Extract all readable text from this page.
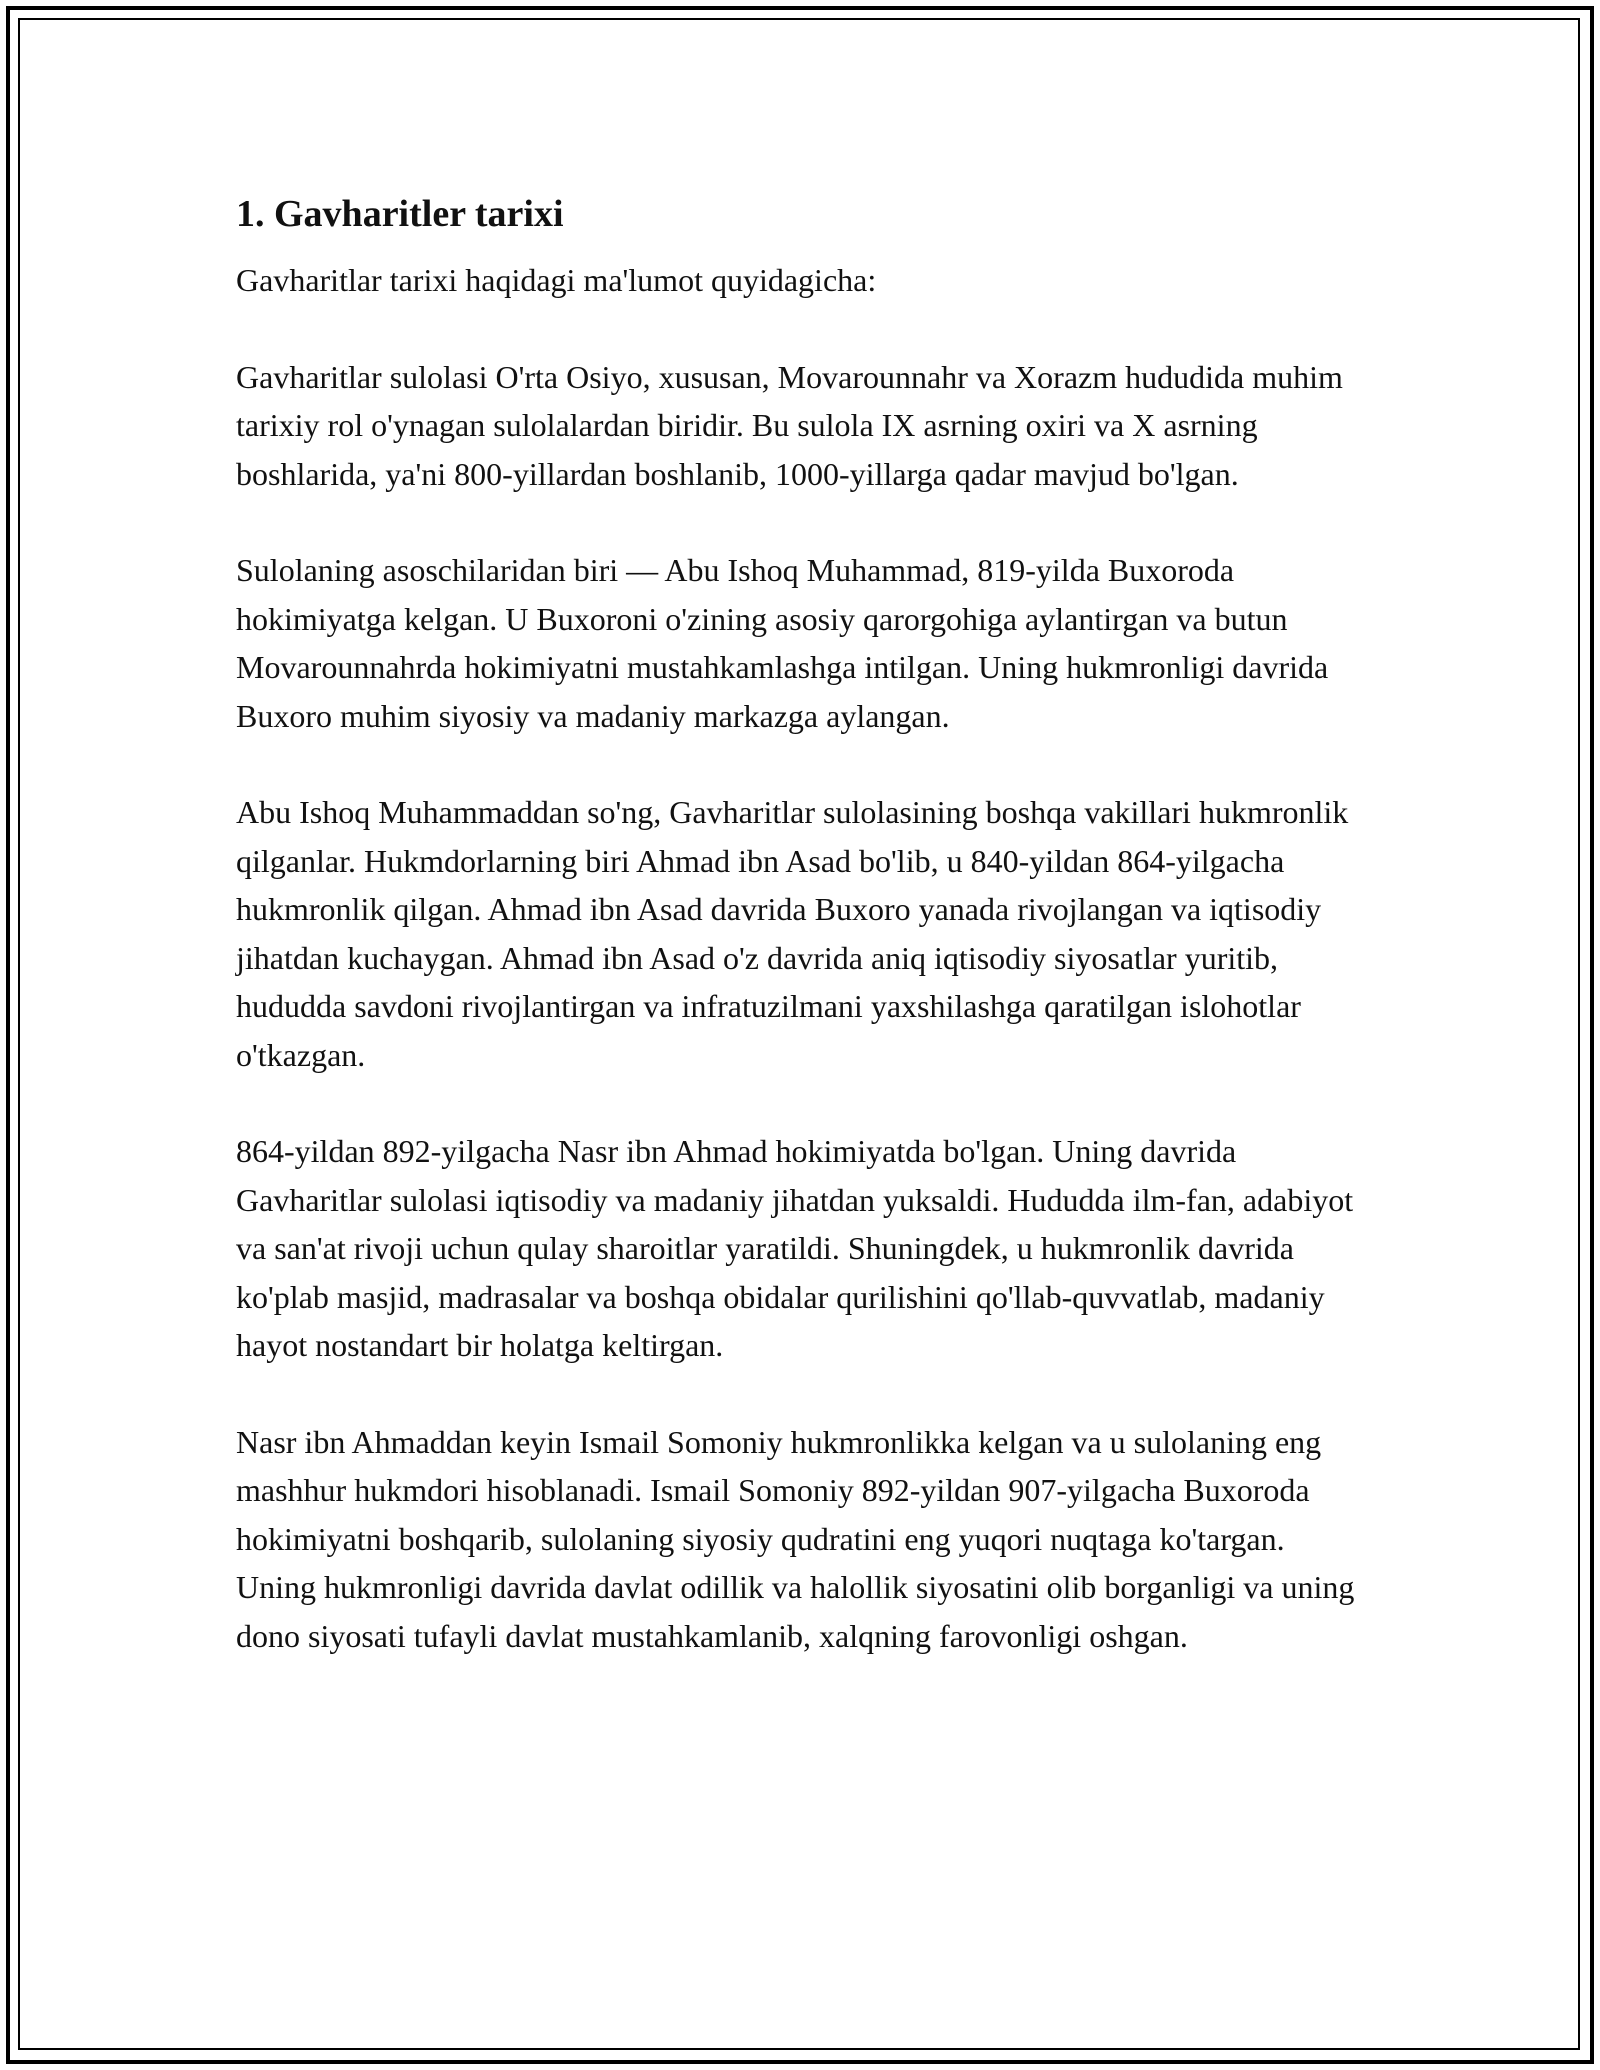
1. Gavharitler tarixi

Gavharitlar tarixi haqidagi ma'lumot quyidagicha:

Gavharitlar sulolasi O'rta Osiyo, xususan, Movarounnahr va Xorazm hududida muhim tarixiy rol o'ynagan sulolalardan biridir. Bu sulola IX asrning oxiri va X asrning boshlarida, ya'ni 800-yillardan boshlanib, 1000-yillarga qadar mavjud bo'lgan.

Sulolaning asoschilaridan biri — Abu Ishoq Muhammad, 819-yilda Buxoroda hokimiyatga kelgan. U Buxoroni o'zining asosiy qarorgohiga aylantirgan va butun Movarounnahrda hokimiyatni mustahkamlashga intilgan. Uning hukmronligi davrida Buxoro muhim siyosiy va madaniy markazga aylangan.

Abu Ishoq Muhammaddan so'ng, Gavharitlar sulolasining boshqa vakillari hukmronlik qilganlar. Hukmdorlarning biri Ahmad ibn Asad bo'lib, u 840-yildan 864-yilgacha hukmronlik qilgan. Ahmad ibn Asad davrida Buxoro yanada rivojlangan va iqtisodiy jihatdan kuchaygan. Ahmad ibn Asad o'z davrida aniq iqtisodiy siyosatlar yuritib, hududda savdoni rivojlantirgan va infratuzilmani yaxshilashga qaratilgan islohotlar o'tkazgan.

864-yildan 892-yilgacha Nasr ibn Ahmad hokimiyatda bo'lgan. Uning davrida Gavharitlar sulolasi iqtisodiy va madaniy jihatdan yuksaldi. Hududda ilm-fan, adabiyot va san'at rivoji uchun qulay sharoitlar yaratildi. Shuningdek, u hukmronlik davrida ko'plab masjid, madrasalar va boshqa obidalar qurilishini qo'llab-quvvatlab, madaniy hayot nostandart bir holatga keltirgan.

Nasr ibn Ahmaddan keyin Ismail Somoniy hukmronlikka kelgan va u sulolaning eng mashhur hukmdori hisoblanadi. Ismail Somoniy 892-yildan 907-yilgacha Buxoroda hokimiyatni boshqarib, sulolaning siyosiy qudratini eng yuqori nuqtaga ko'targan. Uning hukmronligi davrida davlat odillik va halollik siyosatini olib borganligi va uning dono siyosati tufayli davlat mustahkamlanib, xalqning farovonligi oshgan.
